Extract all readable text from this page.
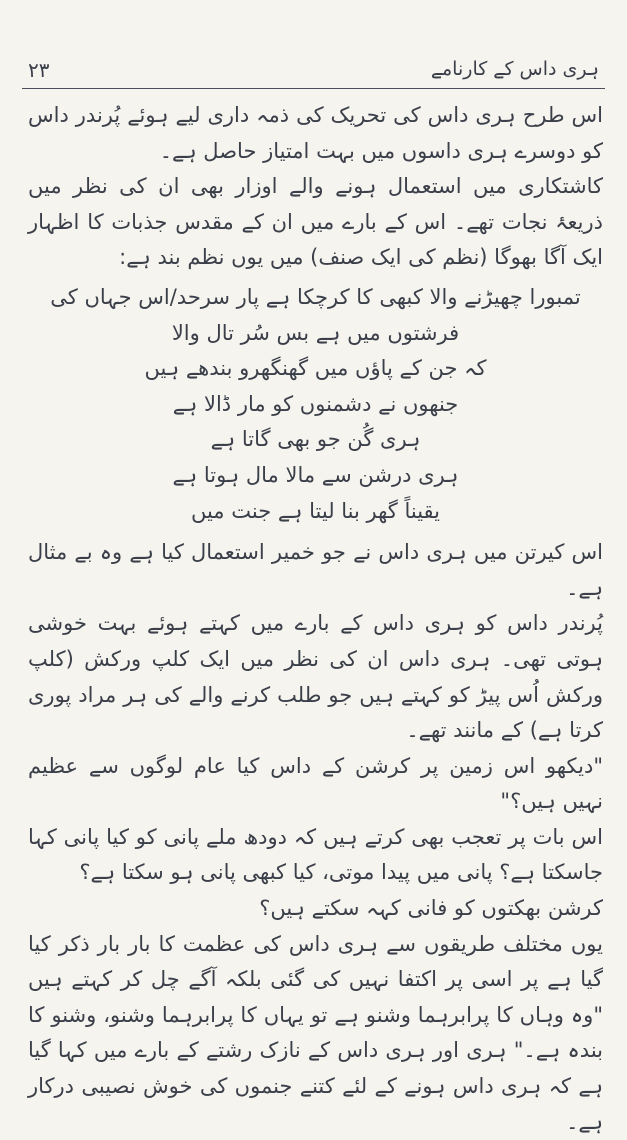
۲۳	ہری داس کے کارنامے

اس طرح ہری داس کی تحریک کی ذمہ داری لیے ہوئے پُرندر داس کو دوسرے ہری داسوں میں بہت امتیاز حاصل ہے۔

کاشتکاری میں استعمال ہونے والے اوزار بھی ان کی نظر میں ذریعۂ نجات تھے۔ اس کے بارے میں ان کے مقدس جذبات کا اظہار ایک آگا بھوگا (نظم کی ایک صنف) میں یوں نظم بند ہے:

تمبورا چھیڑنے والا کبھی کا کرچکا ہے پار سرحد/اس جہاں کی

فرشتوں میں ہے بس سُر تال والا

کہ جن کے پاؤں میں گھنگھرو بندھے ہیں

جنھوں نے دشمنوں کو مار ڈالا ہے

ہری گُن جو بھی گاتا ہے

ہری درشن سے مالا مال ہوتا ہے

یقیناً گھر بنا لیتا ہے جنت میں

اس کیرتن میں ہری داس نے جو خمیر استعمال کیا ہے وہ بے مثال ہے۔

پُرندر داس کو ہری داس کے بارے میں کہتے ہوئے بہت خوشی ہوتی تھی۔ ہری داس ان کی نظر میں ایک کلپ ورکش (کلپ ورکش اُس پیڑ کو کہتے ہیں جو طلب کرنے والے کی ہر مراد پوری کرتا ہے) کے مانند تھے۔

"دیکھو اس زمین پر کرشن کے داس کیا عام لوگوں سے عظیم نہیں ہیں؟"

اس بات پر تعجب بھی کرتے ہیں کہ دودھ ملے پانی کو کیا پانی کہا جاسکتا ہے؟ پانی میں پیدا موتی، کیا کبھی پانی ہو سکتا ہے؟

کرشن بھکتوں کو فانی کہہ سکتے ہیں؟

یوں مختلف طریقوں سے ہری داس کی عظمت کا بار بار ذکر کیا گیا ہے پر اسی پر اکتفا نہیں کی گئی بلکہ آگے چل کر کہتے ہیں "وہ وہاں کا پرابرہما وشنو ہے تو یہاں کا پرابرہما وشنو، وشنو کا بندہ ہے۔" ہری اور ہری داس کے نازک رشتے کے بارے میں کہا گیا ہے کہ ہری داس ہونے کے لئے کتنے جنموں کی خوش نصیبی درکار ہے۔
